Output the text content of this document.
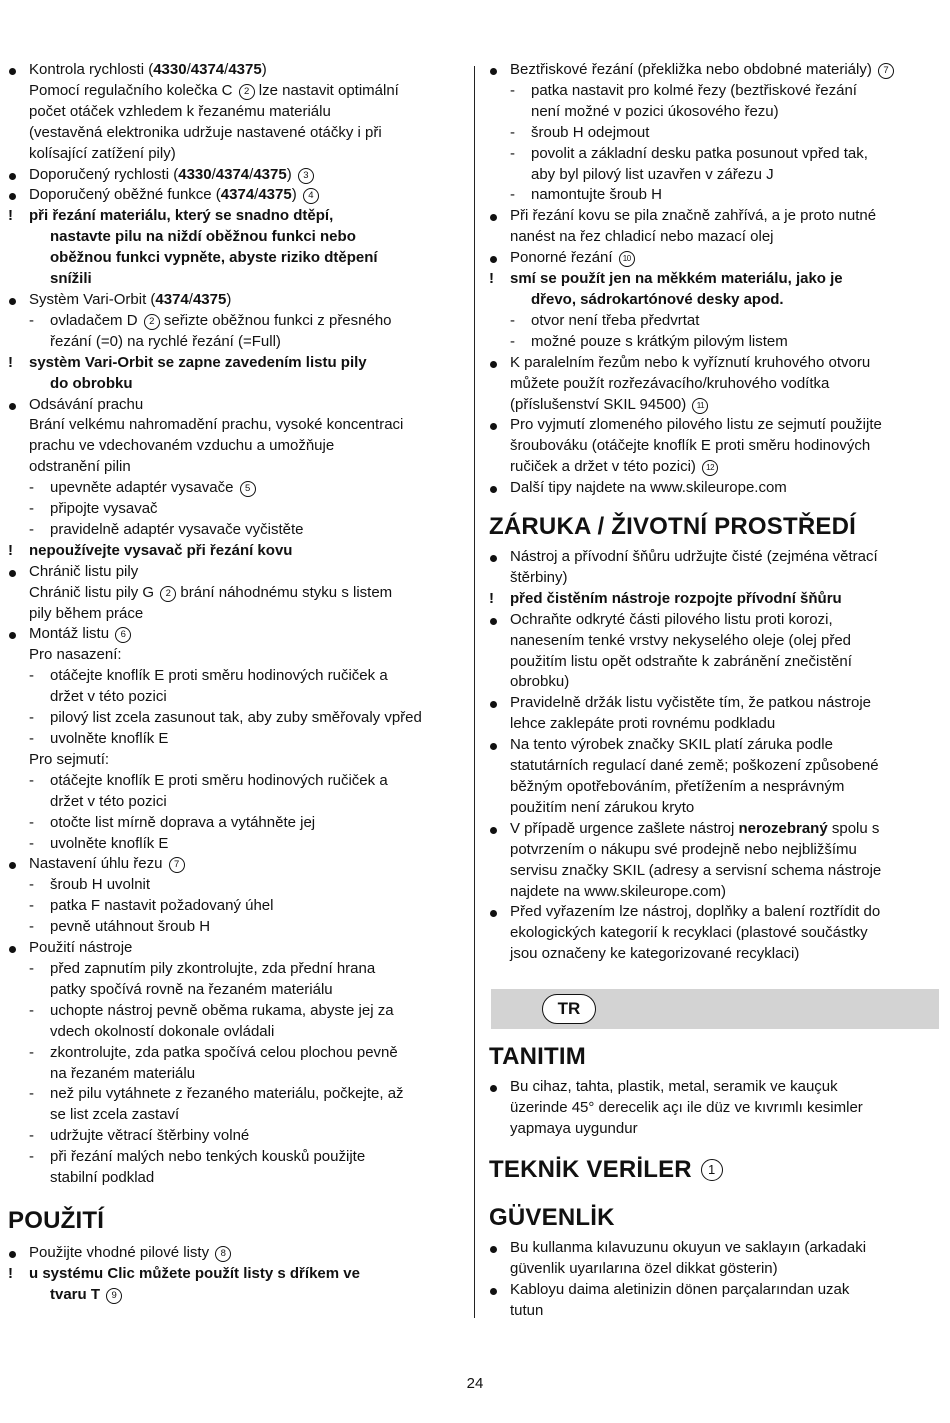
Kontrola rychlosti (4330/4374/4375)
Pomocí regulačního kolečka C 2 lze nastavit optimální
počet otáček vzhledem k řezanému materiálu
(vestavěná elektronika udržuje nastavené otáčky i při
kolísající zatížení pily)
Doporučený rychlosti (4330/4374/4375) 3
Doporučený oběžné funkce (4374/4375) 4
!	při řezání materiálu, který se snadno dtěpí,
nastavte pilu na niždí oběžnou funkci nebo
oběžnou funkci vypněte, abyste riziko dtěpení
snížili
Systèm Vari-Orbit (4374/4375)
-	ovladačem D 2 seřizte oběžnou funkci z přesného
řezání (=0) na rychlé řezání (=Full)
!	systèm Vari-Orbit se zapne zavedením listu pily
do obrobku
Odsávání prachu
Brání velkému nahromadění prachu, vysoké koncentraci
prachu ve vdechovaném vzduchu a umožňuje
odstranění pilin
-	upevněte adaptér vysavače 5
-	připojte vysavač
-	pravidelně adaptér vysavače vyčistěte
!	nepoužívejte vysavač při řezání kovu
Chránič listu pily
Chránič listu pily G 2 brání náhodnému styku s listem
pily během práce
Montáž listu 6
Pro nasazení:
-	otáčejte knoflík E proti směru hodinových ručiček a
držet v této pozici
-	pilový list zcela zasunout tak, aby zuby směřovaly vpřed
-	uvolněte knoflík E
Pro sejmutí:
-	otáčejte knoflík E proti směru hodinových ručiček a
držet v této pozici
-	otočte list mírně doprava a vytáhněte jej
-	uvolněte knoflík E
Nastavení úhlu řezu 7
-	šroub H uvolnit
-	patka F nastavit požadovaný úhel
-	pevně utáhnout šroub H
Použití nástroje
-	před zapnutím pily zkontrolujte, zda přední hrana
patky spočívá rovně na řezaném materiálu
-	uchopte nástroj pevně oběma rukama, abyste jej za
vdech okolností dokonale ovládali
-	zkontrolujte, zda patka spočívá celou plochou pevně
na řezaném materiálu
-	než pilu vytáhnete z řezaného materiálu, počkejte, až
se list zcela zastaví
-	udržujte větrací štěrbiny volné
-	při řezání malých nebo tenkých kousků použijte
stabilní podklad
POUŽITÍ
Použijte vhodné pilové listy 8
!	u systému Clic můžete použít listy s dříkem ve
tvaru T 9
Beztřiskové řezání (překližka nebo obdobné materiály) 7
-	patka nastavit pro kolmé řezy (beztřiskové řezání
není možné v pozici úkosového řezu)
-	šroub H odejmout
-	povolit a základní desku patka posunout vpřed tak,
aby byl pilový list uzavřen v zářezu J
-	namontujte šroub H
Při řezání kovu se pila značně zahřívá, a je proto nutné
nanést na řez chladicí nebo mazací olej
Ponorné řezání 10
!	smí se použít jen na měkkém materiálu, jako je
dřevo, sádrokartónové desky apod.
-	otvor není třeba předvrtat
-	možné pouze s krátkým pilovým listem
K paralelním řezům nebo k vyříznutí kruhového otvoru
můžete použít rozřezávacího/kruhového vodítka
(příslušenství SKIL 94500) 11
Pro vyjmutí zlomeného pilového listu ze sejmutí použijte
šroubováku (otáčejte knoflík E proti směru hodinových
ručiček a držet v této pozici) 12
Další tipy najdete na www.skileurope.com
ZÁRUKA / ŽIVOTNÍ PROSTŘEDÍ
Nástroj a přívodní šňůru udržujte čisté (zejména větrací
štěrbiny)
!	před čistěním nástroje rozpojte přívodní šňůru
Ochraňte odkryté části pilového listu proti korozi,
nanesením tenké vrstvy nekyselého oleje (olej před
použitím listu opět odstraňte k zabránění znečistění
obrobku)
Pravidelně držák listu vyčistěte tím, že patkou nástroje
lehce zaklepáte proti rovnému podkladu
Na tento výrobek značky SKIL platí záruka podle
statutárních regulací dané země; poškození způsobené
běžným opotřebováním, přetížením a nesprávným
použitím není zárukou kryto
V případě urgence zašlete nástroj nerozebraný spolu s
potvrzením o nákupu své prodejně nebo nejbližšímu
servisu značky SKIL (adresy a servisní schema nástroje
najdete na www.skileurope.com)
Před vyřazením lze nástroj, doplňky a balení roztřídit do
ekologických kategorií k recyklaci (plastové součástky
jsou označeny ke kategorizované recyklaci)
TR
TANITIM
Bu cihaz, tahta, plastik, metal, seramik ve kauçuk
üzerinde 45° derecelik açı ile düz ve kıvrımlı kesimler
yapmaya uygundur
TEKNİK VERİLER 1
GÜVENLİK
Bu kullanma kılavuzunu okuyun ve saklayın (arkadaki
güvenlik uyarılarına özel dikkat gösterin)
Kabloyu daima aletinizin dönen parçalarından uzak
tutun
24
